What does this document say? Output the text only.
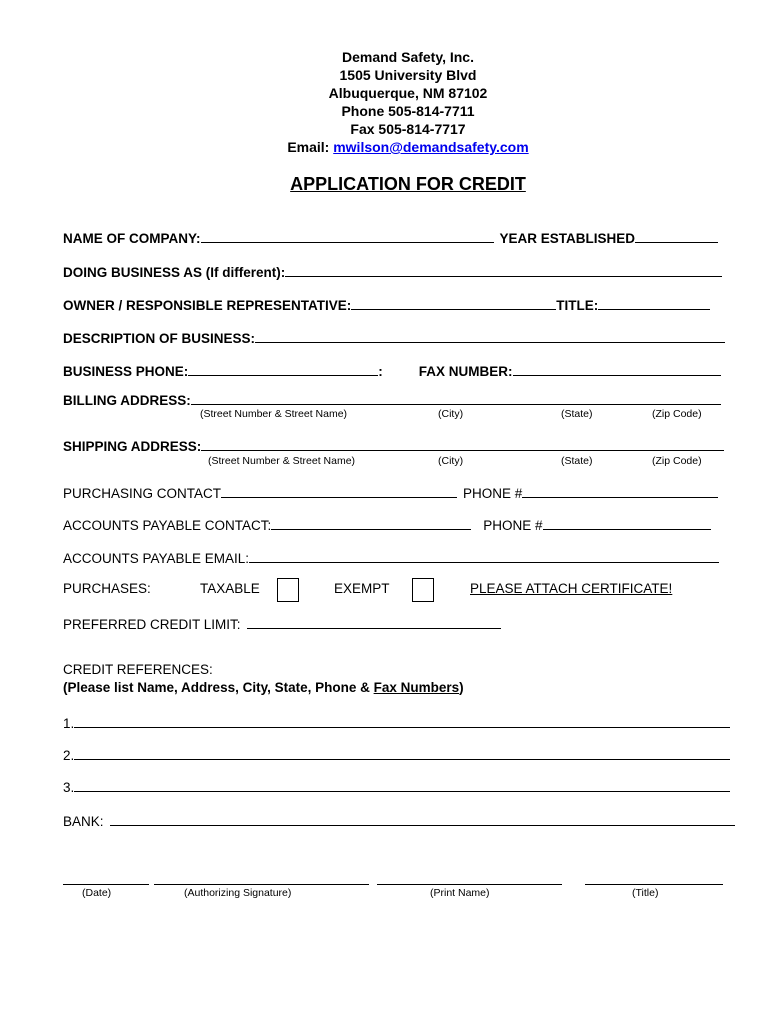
Demand Safety, Inc.
1505 University Blvd
Albuquerque, NM 87102
Phone 505-814-7711
Fax 505-814-7717
Email: mwilson@demandsafety.com
APPLICATION FOR CREDIT
NAME OF COMPANY:	YEAR ESTABLISHED
DOING BUSINESS AS (If different):
OWNER / RESPONSIBLE REPRESENTATIVE:	TITLE:
DESCRIPTION OF BUSINESS:
BUSINESS PHONE:	:	FAX NUMBER:
BILLING ADDRESS:
(Street Number & Street Name)	(City)	(State)	(Zip Code)
SHIPPING ADDRESS:
(Street Number & Street Name)	(City)	(State)	(Zip Code)
PURCHASING CONTACT	PHONE #
ACCOUNTS PAYABLE CONTACT:	PHONE #
ACCOUNTS PAYABLE EMAIL:
PURCHASES:	TAXABLE	EXEMPT	PLEASE ATTACH CERTIFICATE!
PREFERRED CREDIT LIMIT:
CREDIT REFERENCES:
(Please list Name, Address, City, State, Phone & Fax Numbers)
1.
2.
3.
BANK:
(Date)	(Authorizing Signature)	(Print Name)	(Title)
